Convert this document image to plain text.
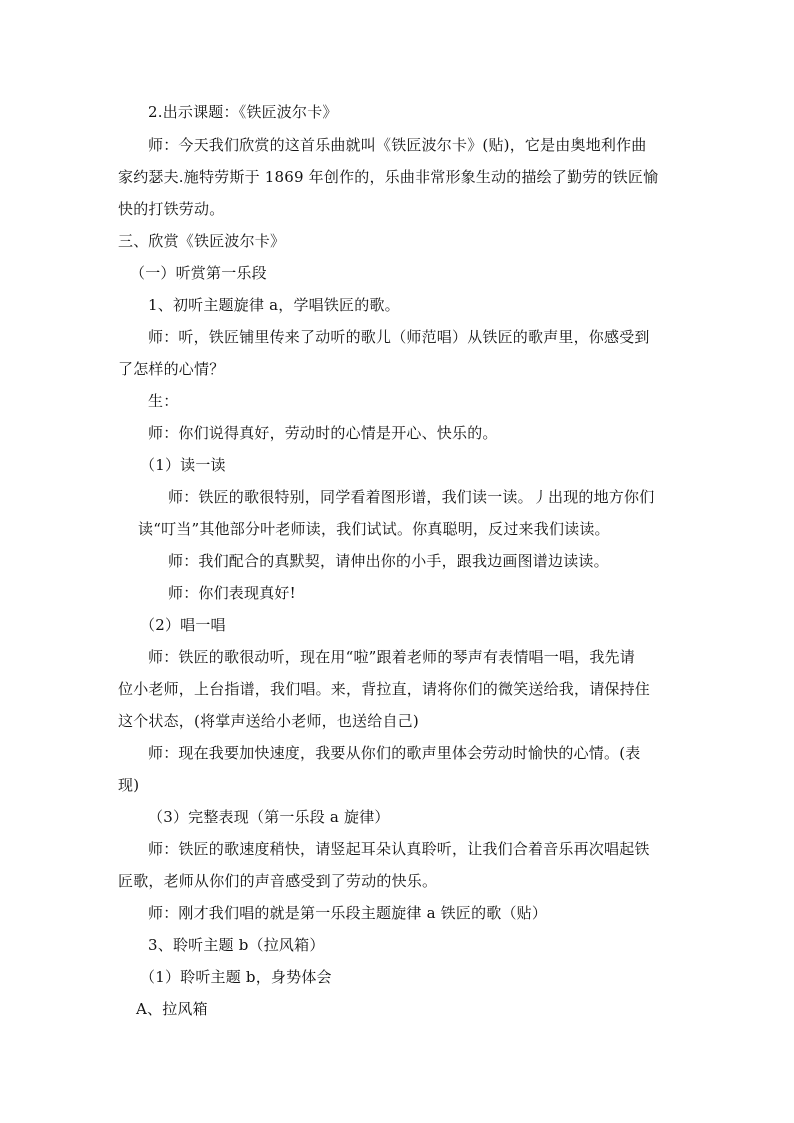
2.出示课题：《铁匠波尔卡》
师：今天我们欣赏的这首乐曲就叫《铁匠波尔卡》(贴)，它是由奥地利作曲
家约瑟夫.施特劳斯于 1869 年创作的，乐曲非常形象生动的描绘了勤劳的铁匠愉
快的打铁劳动。
三、欣赏《铁匠波尔卡》
（一）听赏第一乐段
1、初听主题旋律 a，学唱铁匠的歌。
师：听，铁匠铺里传来了动听的歌儿（师范唱）从铁匠的歌声里，你感受到
了怎样的心情？
生：
师：你们说得真好，劳动时的心情是开心、快乐的。
（1）读一读
师：铁匠的歌很特别，同学看着图形谱，我们读一读。丿出现的地方你们
读“叮当”其他部分叶老师读，我们试试。你真聪明，反过来我们读读。
师：我们配合的真默契，请伸出你的小手，跟我边画图谱边读读。
师：你们表现真好!
（2）唱一唱
师：铁匠的歌很动听，现在用“啦”跟着老师的琴声有表情唱一唱，我先请
位小老师，上台指谱，我们唱。来，背拉直，请将你们的微笑送给我，请保持住
这个状态，(将掌声送给小老师，也送给自己)
师：现在我要加快速度，我要从你们的歌声里体会劳动时愉快的心情。(表
现)
（3）完整表现（第一乐段 a 旋律）
师：铁匠的歌速度稍快，请竖起耳朵认真聆听，让我们合着音乐再次唱起铁
匠歌，老师从你们的声音感受到了劳动的快乐。
师：刚才我们唱的就是第一乐段主题旋律 a 铁匠的歌（贴）
3、聆听主题 b（拉风箱）
（1）聆听主题 b，身势体会
A、拉风箱
